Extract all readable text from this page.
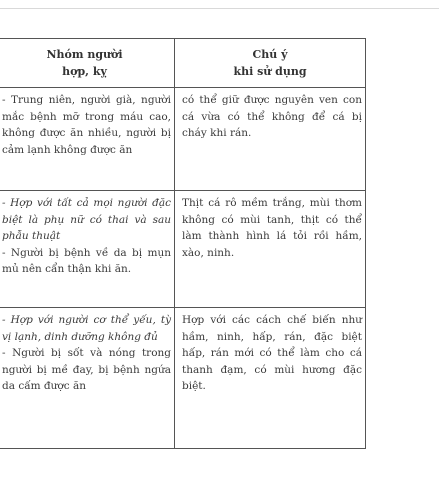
Nhóm người
hợp, kỵ	Chú ý
khi sử dụng

- Trung niên, người già, người mắc bệnh mỡ trong máu cao, không được ăn nhiều, người bị cảm lạnh không được ăn	có thể giữ được nguyên ven con cá vừa có thể không để cá bị cháy khi rán.

- Hợp với tất cả mọi người đặc biệt là phụ nữ có thai và sau phẫu thuật

- Người bị bệnh về da bị mụn mủ nên cẩn thận khi ăn.	Thịt cá rô mềm trắng, mùi thơm không có mùi tanh, thịt có thể làm thành hình lá tỏi rồi hầm, xào, ninh.

- Hợp với người cơ thể yếu, tỳ vị lạnh, dinh dưỡng không đủ

- Người bị sốt và nóng trong người bị mề đay, bị bệnh ngứa da cấm được ăn	Hợp với các cách chế biến như hầm, ninh, hấp, rán, đặc biệt hấp, rán mới có thể làm cho cá thanh đạm, có mùi hương đặc biệt.
